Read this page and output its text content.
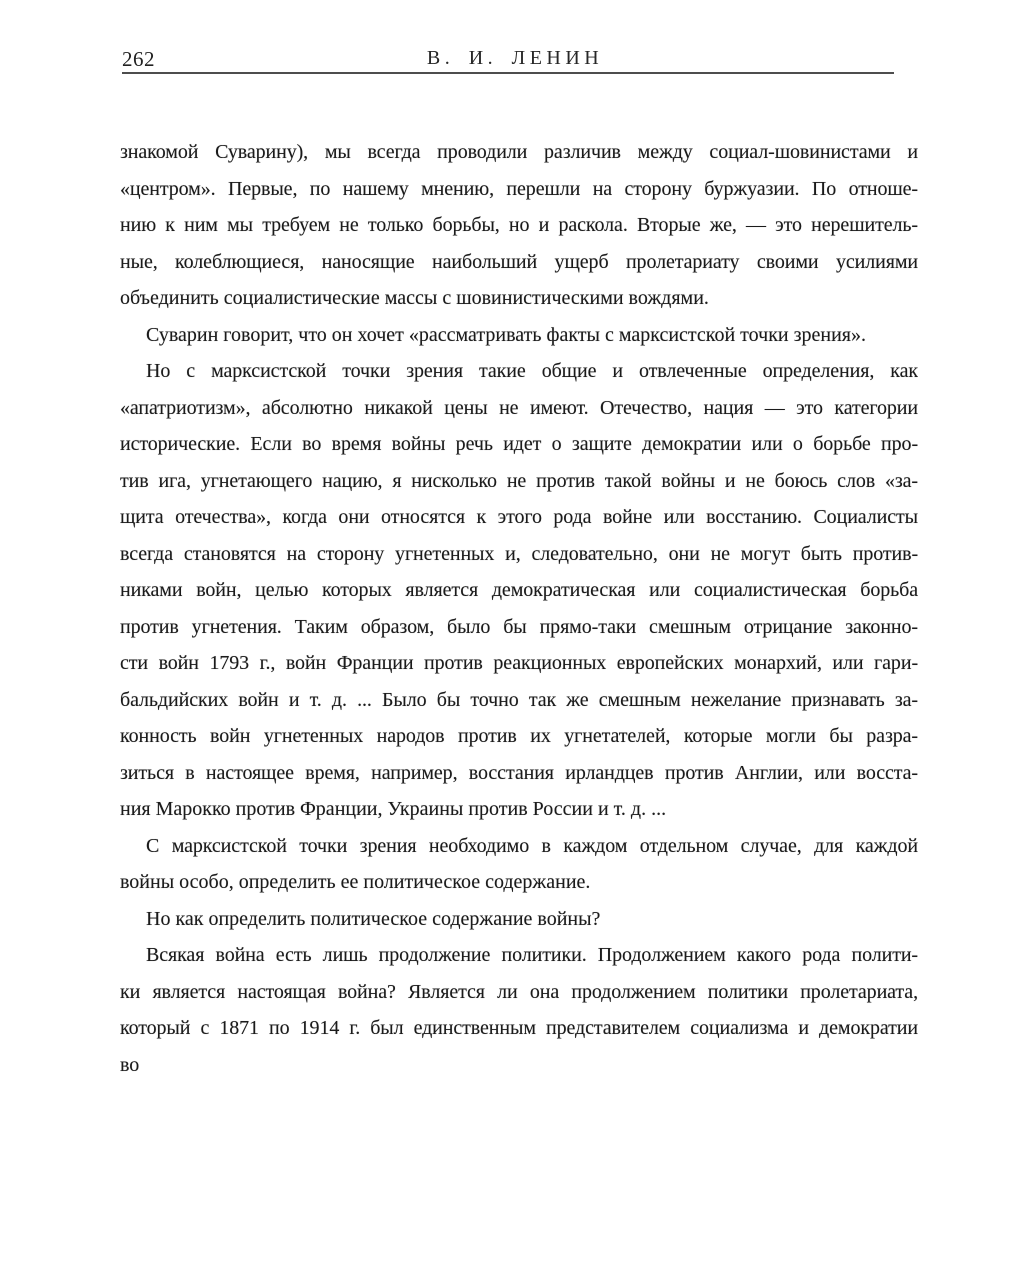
262	В. И. ЛЕНИН
знакомой Суварину), мы всегда проводили различив между социал-шовинистами и
«центром». Первые, по нашему мнению, перешли на сторону буржуазии. По отноше-
нию к ним мы требуем не только борьбы, но и раскола. Вторые же, — это нерешитель-
ные, колеблющиеся, наносящие наибольший ущерб пролетариату своими усилиями
объединить социалистические массы с шовинистическими вождями.
Суварин говорит, что он хочет «рассматривать факты с марксистской точки зрения».
Но с марксистской точки зрения такие общие и отвлеченные определения, как
«апатриотизм», абсолютно никакой цены не имеют. Отечество, нация — это категории
исторические. Если во время войны речь идет о защите демократии или о борьбе про-
тив ига, угнетающего нацию, я нисколько не против такой войны и не боюсь слов «за-
щита отечества», когда они относятся к этого рода войне или восстанию. Социалисты
всегда становятся на сторону угнетенных и, следовательно, они не могут быть против-
никами войн, целью которых является демократическая или социалистическая борьба
против угнетения. Таким образом, было бы прямо-таки смешным отрицание законно-
сти войн 1793 г., войн Франции против реакционных европейских монархий, или гари-
бальдийских войн и т. д. ... Было бы точно так же смешным нежелание признавать за-
конность войн угнетенных народов против их угнетателей, которые могли бы разра-
зиться в настоящее время, например, восстания ирландцев против Англии, или восста-
ния Марокко против Франции, Украины против России и т. д. ...
С марксистской точки зрения необходимо в каждом отдельном случае, для каждой
войны особо, определить ее политическое содержание.
Но как определить политическое содержание войны?
Всякая война есть лишь продолжение политики. Продолжением какого рода полити-
ки является настоящая война? Является ли она продолжением политики пролетариата,
который с 1871 по 1914 г. был единственным представителем социализма и демократии
во
